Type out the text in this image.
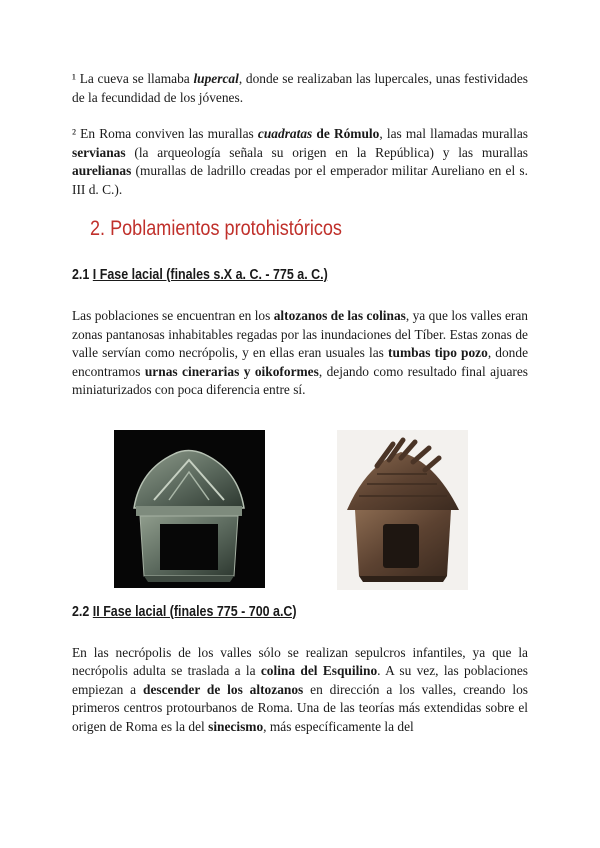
¹ La cueva se llamaba lupercal, donde se realizaban las lupercales, unas festividades de la fecundidad de los jóvenes.

² En Roma conviven las murallas cuadratas de Rómulo, las mal llamadas murallas servianas (la arqueología señala su origen en la República) y las murallas aurelianas (murallas de ladrillo creadas por el emperador militar Aureliano en el s. III d. C.).

2. Poblamientos protohistóricos
2.1 I Fase lacial (finales s.X a. C. - 775 a. C.)

Las poblaciones se encuentran en los altozanos de las colinas, ya que los valles eran zonas pantanosas inhabitables regadas por las inundaciones del Tíber. Estas zonas de valle servían como necrópolis, y en ellas eran usuales las tumbas tipo pozo, donde encontramos urnas cinerarias y oikoformes, dejando como resultado final ajuares miniaturizados con poca diferencia entre sí.

2.2 II Fase lacial (finales 775 - 700 a.C)

En las necrópolis de los valles sólo se realizan sepulcros infantiles, ya que la necrópolis adulta se traslada a la colina del Esquilino. A su vez, las poblaciones empiezan a descender de los altozanos en dirección a los valles, creando los primeros centros protourbanos de Roma. Una de las teorías más extendidas sobre el origen de Roma es la del sinecismo, más específicamente la del
